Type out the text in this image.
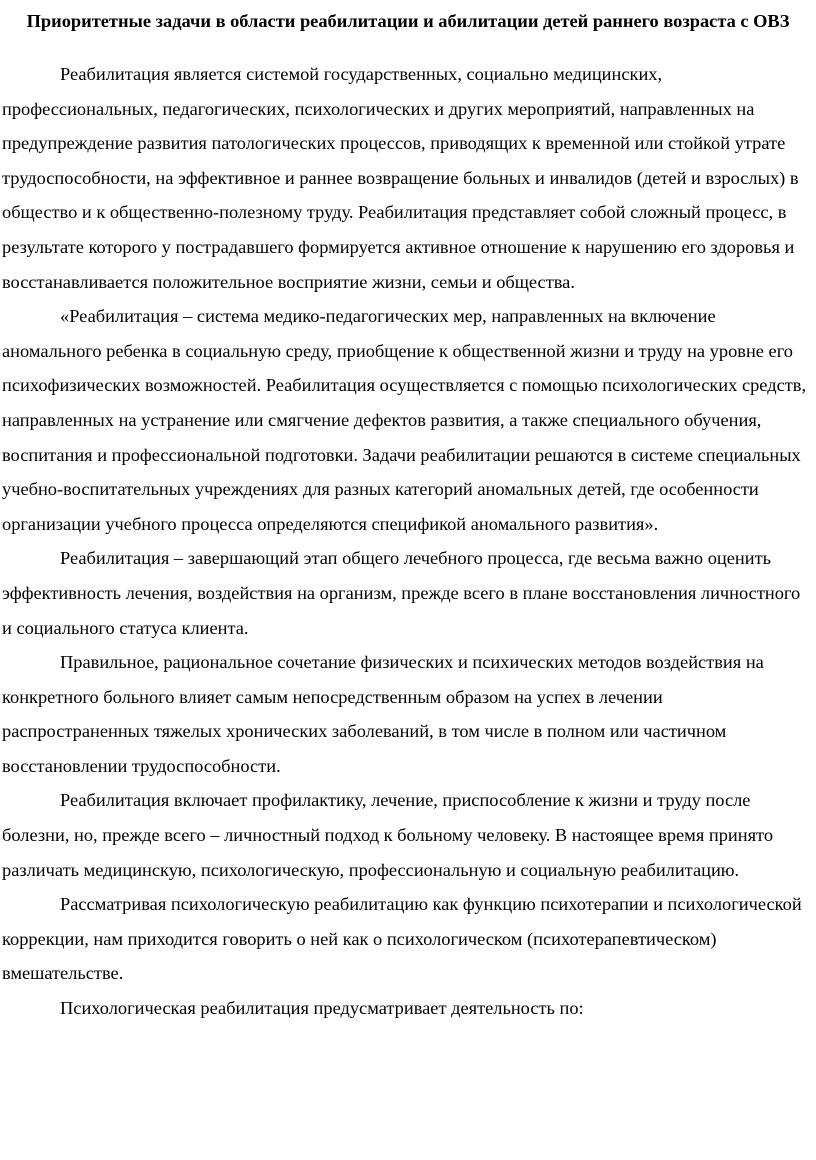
Приоритетные задачи в области реабилитации и абилитации детей раннего возраста с ОВЗ

Реабилитация является системой государственных, социально медицинских, профессиональных, педагогических, психологических и других мероприятий, направленных на предупреждение развития патологических процессов, приводящих к временной или стойкой утрате трудоспособности, на эффективное и раннее возвращение больных и инвалидов (детей и взрослых) в общество и к общественно-полезному труду. Реабилитация представляет собой сложный процесс, в результате которого у пострадавшего формируется активное отношение к нарушению его здоровья и восстанавливается положительное восприятие жизни, семьи и общества.

«Реабилитация – система медико-педагогических мер, направленных на включение аномального ребенка в социальную среду, приобщение к общественной жизни и труду на уровне его психофизических возможностей. Реабилитация осуществляется с помощью психологических средств, направленных на устранение или смягчение дефектов развития, а также специального обучения, воспитания и профессиональной подготовки. Задачи реабилитации решаются в системе специальных учебно-воспитательных учреждениях для разных категорий аномальных детей, где особенности организации учебного процесса определяются спецификой аномального развития».

Реабилитация – завершающий этап общего лечебного процесса, где весьма важно оценить эффективность лечения, воздействия на организм, прежде всего в плане восстановления личностного и социального статуса клиента.

Правильное, рациональное сочетание физических и психических методов воздействия на конкретного больного влияет самым непосредственным образом на успех в лечении распространенных тяжелых хронических заболеваний, в том числе в полном или частичном восстановлении трудоспособности.

Реабилитация включает профилактику, лечение, приспособление к жизни и труду после болезни, но, прежде всего – личностный подход к больному человеку. В настоящее время принято различать медицинскую, психологическую, профессиональную и социальную реабилитацию.

Рассматривая психологическую реабилитацию как функцию психотерапии и психологической коррекции, нам приходится говорить о ней как о психологическом (психотерапевтическом) вмешательстве.

Психологическая реабилитация предусматривает деятельность по:
